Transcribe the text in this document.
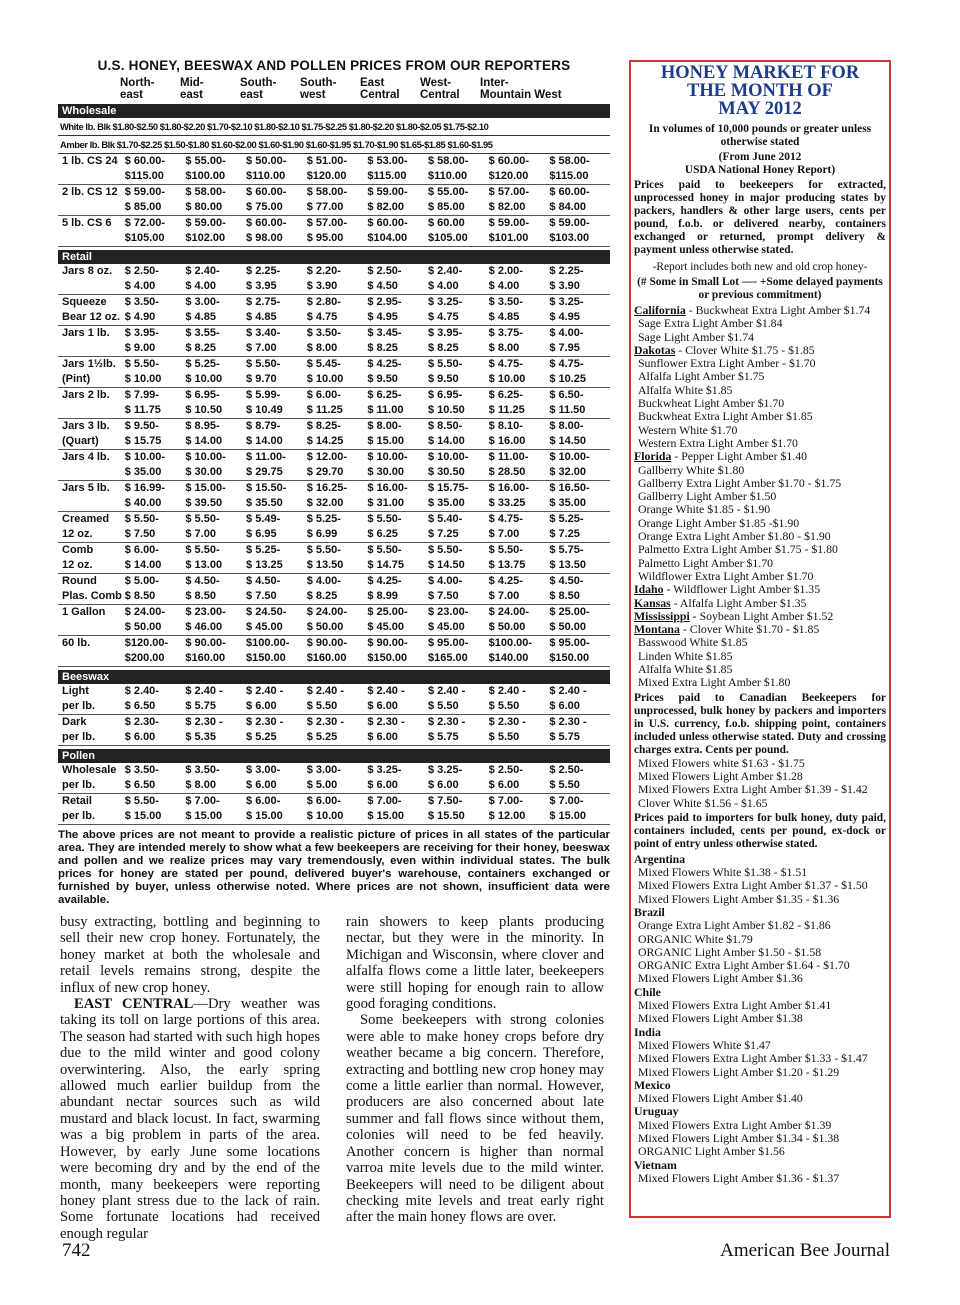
U.S. HONEY, BEESWAX AND POLLEN PRICES FROM OUR REPORTERS
North-	Mid-	South-	South-	East	West-	Inter-
east	east	east	west	Central	Central	Mountain West
Wholesale
White lb. Blk $1.80-$2.50 $1.80-$2.20 $1.70-$2.10 $1.80-$2.10 $1.75-$2.25 $1.80-$2.20 $1.80-$2.05 $1.75-$2.10
Amber lb. Blk $1.70-$2.25 $1.50-$1.80 $1.60-$2.00 $1.60-$1.90 $1.60-$1.95 $1.70-$1.90 $1.65-$1.85 $1.60-$1.95
1 lb. CS 24	$ 60.00-	$ 55.00-	$ 50.00-	$ 51.00-	$ 53.00-	$ 58.00-	$ 60.00-	$ 58.00-
	$115.00	$100.00	$110.00	$120.00	$115.00	$110.00	$120.00	$115.00
2 lb. CS 12	$ 59.00-	$ 58.00-	$ 60.00-	$ 58.00-	$ 59.00-	$ 55.00-	$ 57.00-	$ 60.00-
	$ 85.00	$ 80.00	$ 75.00	$ 77.00	$ 82.00	$ 85.00	$ 82.00	$ 84.00
5 lb. CS 6	$ 72.00-	$ 59.00-	$ 60.00-	$ 57.00-	$ 60.00-	$ 60.00	$ 59.00-	$ 59.00-
	$105.00	$102.00	$ 98.00	$ 95.00	$104.00	$105.00	$101.00	$103.00
Retail
Jars 8 oz.	$ 2.50-	$ 2.40-	$ 2.25-	$ 2.20-	$ 2.50-	$ 2.40-	$ 2.00-	$ 2.25-
	$ 4.00	$ 4.00	$ 3.95	$ 3.90	$ 4.50	$ 4.00	$ 4.00	$ 3.90
Squeeze	$ 3.50-	$ 3.00-	$ 2.75-	$ 2.80-	$ 2.95-	$ 3.25-	$ 3.50-	$ 3.25-
Bear 12 oz.	$ 4.90	$ 4.85	$ 4.85	$ 4.75	$ 4.95	$ 4.75	$ 4.85	$ 4.95
Jars 1 lb.	$ 3.95-	$ 3.55-	$ 3.40-	$ 3.50-	$ 3.45-	$ 3.95-	$ 3.75-	$ 4.00-
	$ 9.00	$ 8.25	$ 7.00	$ 8.00	$ 8.25	$ 8.25	$ 8.00	$ 7.95
Jars 1½lb.	$ 5.50-	$ 5.25-	$ 5.50-	$ 5.45-	$ 4.25-	$ 5.50-	$ 4.75-	$ 4.75-
(Pint)	$ 10.00	$ 10.00	$ 9.70	$ 10.00	$ 9.50	$ 9.50	$ 10.00	$ 10.25
Jars 2 lb.	$ 7.99-	$ 6.95-	$ 5.99-	$ 6.00-	$ 6.25-	$ 6.95-	$ 6.25-	$ 6.50-
	$ 11.75	$ 10.50	$ 10.49	$ 11.25	$ 11.00	$ 10.50	$ 11.25	$ 11.50
Jars 3 lb.	$ 9.50-	$ 8.95-	$ 8.79-	$ 8.25-	$ 8.00-	$ 8.50-	$ 8.10-	$ 8.00-
(Quart)	$ 15.75	$ 14.00	$ 14.00	$ 14.25	$ 15.00	$ 14.00	$ 16.00	$ 14.50
Jars 4 lb.	$ 10.00-	$ 10.00-	$ 11.00-	$ 12.00-	$ 10.00-	$ 10.00-	$ 11.00-	$ 10.00-
	$ 35.00	$ 30.00	$ 29.75	$ 29.70	$ 30.00	$ 30.50	$ 28.50	$ 32.00
Jars 5 lb.	$ 16.99-	$ 15.00-	$ 15.50-	$ 16.25-	$ 16.00-	$ 15.75-	$ 16.00-	$ 16.50-
	$ 40.00	$ 39.50	$ 35.50	$ 32.00	$ 31.00	$ 35.00	$ 33.25	$ 35.00
Creamed	$ 5.50-	$ 5.50-	$ 5.49-	$ 5.25-	$ 5.50-	$ 5.40-	$ 4.75-	$ 5.25-
12 oz.	$ 7.50	$ 7.00	$ 6.95	$ 6.99	$ 6.25	$ 7.25	$ 7.00	$ 7.25
Comb	$ 6.00-	$ 5.50-	$ 5.25-	$ 5.50-	$ 5.50-	$ 5.50-	$ 5.50-	$ 5.75-
12 oz.	$ 14.00	$ 13.00	$ 13.25	$ 13.50	$ 14.75	$ 14.50	$ 13.75	$ 13.50
Round	$ 5.00-	$ 4.50-	$ 4.50-	$ 4.00-	$ 4.25-	$ 4.00-	$ 4.25-	$ 4.50-
Plas. Comb	$ 8.50	$ 8.50	$ 7.50	$ 8.25	$ 8.99	$ 7.50	$ 7.00	$ 8.50
1 Gallon	$ 24.00-	$ 23.00-	$ 24.50-	$ 24.00-	$ 25.00-	$ 23.00-	$ 24.00-	$ 25.00-
	$ 50.00	$ 46.00	$ 45.00	$ 50.00	$ 45.00	$ 45.00	$ 50.00	$ 50.00
60 lb.	$120.00-	$ 90.00-	$100.00-	$ 90.00-	$ 90.00-	$ 95.00-	$100.00-	$ 95.00-
	$200.00	$160.00	$150.00	$160.00	$150.00	$165.00	$140.00	$150.00
Beeswax
Light	$ 2.40-	$ 2.40 -	$ 2.40 -	$ 2.40 -	$ 2.40 -	$ 2.40 -	$ 2.40 -	$ 2.40 -
per lb.	$ 6.50	$ 5.75	$ 6.00	$ 5.50	$ 6.00	$ 5.50	$ 5.50	$ 6.00
Dark	$ 2.30-	$ 2.30 -	$ 2.30 -	$ 2.30 -	$ 2.30 -	$ 2.30 -	$ 2.30 -	$ 2.30 -
per lb.	$ 6.00	$ 5.35	$ 5.25	$ 5.25	$ 6.00	$ 5.75	$ 5.50	$ 5.75
Pollen
Wholesale	$ 3.50-	$ 3.50-	$ 3.00-	$ 3.00-	$ 3.25-	$ 3.25-	$ 2.50-	$ 2.50-
per lb.	$ 6.50	$ 8.00	$ 6.00	$ 5.00	$ 6.00	$ 6.00	$ 6.00	$ 5.50
Retail	$ 5.50-	$ 7.00-	$ 6.00-	$ 6.00-	$ 7.00-	$ 7.50-	$ 7.00-	$ 7.00-
per lb.	$ 15.00	$ 15.00	$ 15.00	$ 10.00	$ 15.00	$ 15.50	$ 12.00	$ 15.00
The above prices are not meant to provide a realistic picture of prices in all states of the particular area. They are intended merely to show what a few beekeepers are receiving for their honey, beeswax and pollen and we realize prices may vary tremendously, even within individual states. The bulk prices for honey are stated per pound, delivered buyer's warehouse, containers exchanged or furnished by buyer, unless otherwise noted. Where prices are not shown, insufficient data were available.

busy extracting, bottling and beginning to sell their new crop honey. Fortunately, the honey market at both the wholesale and retail levels remains strong, despite the influx of new crop honey.

EAST CENTRAL—Dry weather was taking its toll on large portions of this area. The season had started with such high hopes due to the mild winter and good colony overwintering. Also, the early spring allowed much earlier buildup from the abundant nectar sources such as wild mustard and black locust. In fact, swarming was a big problem in parts of the area. However, by early June some locations were becoming dry and by the end of the month, many beekeepers were reporting honey plant stress due to the lack of rain. Some fortunate locations had received enough regular

rain showers to keep plants producing nectar, but they were in the minority. In Michigan and Wisconsin, where clover and alfalfa flows come a little later, beekeepers were still hoping for enough rain to allow good foraging conditions.

Some beekeepers with strong colonies were able to make honey crops before dry weather became a big concern. Therefore, extracting and bottling new crop honey may come a little earlier than normal. However, producers are also concerned about late summer and fall flows since without them, colonies will need to be fed heavily. Another concern is higher than normal varroa mite levels due to the mild winter. Beekeepers will need to be diligent about checking mite levels and treat early right after the main honey flows are over.

742	American Bee Journal
HONEY MARKET FOR
THE MONTH OF
MAY 2012
In volumes of 10,000 pounds or greater unless otherwise stated
(From June 2012
USDA National Honey Report)
Prices paid to beekeepers for extracted, unprocessed honey in major producing states by packers, handlers & other large users, cents per pound, f.o.b. or delivered nearby, containers exchanged or returned, prompt delivery & payment unless otherwise stated.
-Report includes both new and old crop honey-
(# Some in Small Lot —- +Some delayed payments or previous commitment)
California - Buckwheat Extra Light Amber $1.74
Sage Extra Light Amber $1.84
Sage Light Amber $1.74
Dakotas - Clover White $1.75 - $1.85
Sunflower Extra Light Amber - $1.70
Alfalfa Light Amber $1.75
Alfalfa White $1.85
Buckwheat Light Amber $1.70
Buckwheat Extra Light Amber $1.85
Western White $1.70
Western Extra Light Amber $1.70
Florida - Pepper Light Amber $1.40
Gallberry White $1.80
Gallberry Extra Light Amber $1.70 - $1.75
Gallberry Light Amber $1.50
Orange White $1.85 - $1.90
Orange Light Amber $1.85 -$1.90
Orange Extra Light Amber $1.80 - $1.90
Palmetto Extra Light Amber $1.75 - $1.80
Palmetto Light Amber $1.70
Wildflower Extra Light Amber $1.70
Idaho - Wildflower Light Amber $1.35
Kansas - Alfalfa Light Amber $1.35
Mississippi - Soybean Light Amber $1.52
Montana - Clover White $1.70 - $1.85
Basswood White $1.85
Linden White $1.85
Alfalfa White $1.85
Mixed Extra Light Amber $1.80
Prices paid to Canadian Beekeepers for unprocessed, bulk honey by packers and importers in U.S. currency, f.o.b. shipping point, containers included unless otherwise stated. Duty and crossing charges extra. Cents per pound.
Mixed Flowers white $1.63 - $1.75
Mixed Flowers Light Amber $1.28
Mixed Flowers Extra Light Amber $1.39 - $1.42
Clover White $1.56 - $1.65
Prices paid to importers for bulk honey, duty paid, containers included, cents per pound, ex-dock or point of entry unless otherwise stated.
Argentina
Mixed Flowers White $1.38 - $1.51
Mixed Flowers Extra Light Amber $1.37 - $1.50
Mixed Flowers Light Amber $1.35 - $1.36
Brazil
Orange Extra Light Amber $1.82 - $1.86
ORGANIC White $1.79
ORGANIC Light Amber $1.50 - $1.58
ORGANIC Extra Light Amber $1.64 - $1.70
Mixed Flowers Light Amber $1.36
Chile
Mixed Flowers Extra Light Amber $1.41
Mixed Flowers Light Amber $1.38
India
Mixed Flowers White $1.47
Mixed Flowers Extra Light Amber $1.33 - $1.47
Mixed Flowers Light Amber $1.20 - $1.29
Mexico
Mixed Flowers Light Amber $1.40
Uruguay
Mixed Flowers Extra Light Amber $1.39
Mixed Flowers Light Amber $1.34 - $1.38
ORGANIC Light Amber $1.56
Vietnam
Mixed Flowers Light Amber $1.36 - $1.37
